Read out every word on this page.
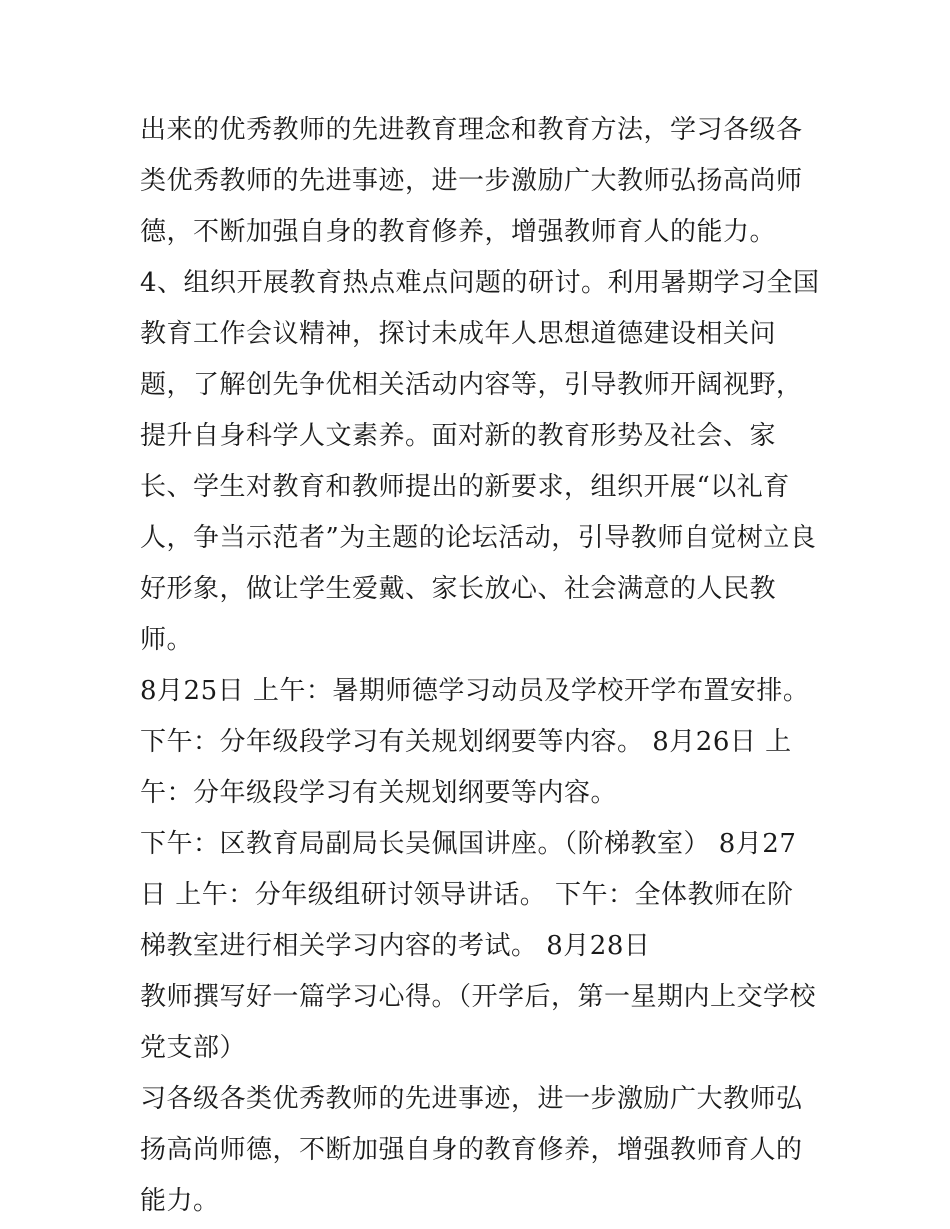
出来的优秀教师的先进教育理念和教育方法，学习各级各类优秀教师的先进事迹，进一步激励广大教师弘扬高尚师德，不断加强自身的教育修养，增强教师育人的能力。

4、组织开展教育热点难点问题的研讨。利用暑期学习全国教育工作会议精神，探讨未成年人思想道德建设相关问题，了解创先争优相关活动内容等，引导教师开阔视野，提升自身科学人文素养。面对新的教育形势及社会、家长、学生对教育和教师提出的新要求，组织开展“以礼育人，争当示范者”为主题的论坛活动，引导教师自觉树立良好形象，做让学生爱戴、家长放心、社会满意的人民教师。

8月25日 上午：暑期师德学习动员及学校开学布置安排。 下午：分年级段学习有关规划纲要等内容。 8月26日 上午：分年级段学习有关规划纲要等内容。

下午：区教育局副局长吴佩国讲座。（阶梯教室） 8月27日 上午：分年级组研讨领导讲话。 下午：全体教师在阶梯教室进行相关学习内容的考试。 8月28日

教师撰写好一篇学习心得。（开学后，第一星期内上交学校党支部）

习各级各类优秀教师的先进事迹，进一步激励广大教师弘扬高尚师德，不断加强自身的教育修养，增强教师育人的能力。
